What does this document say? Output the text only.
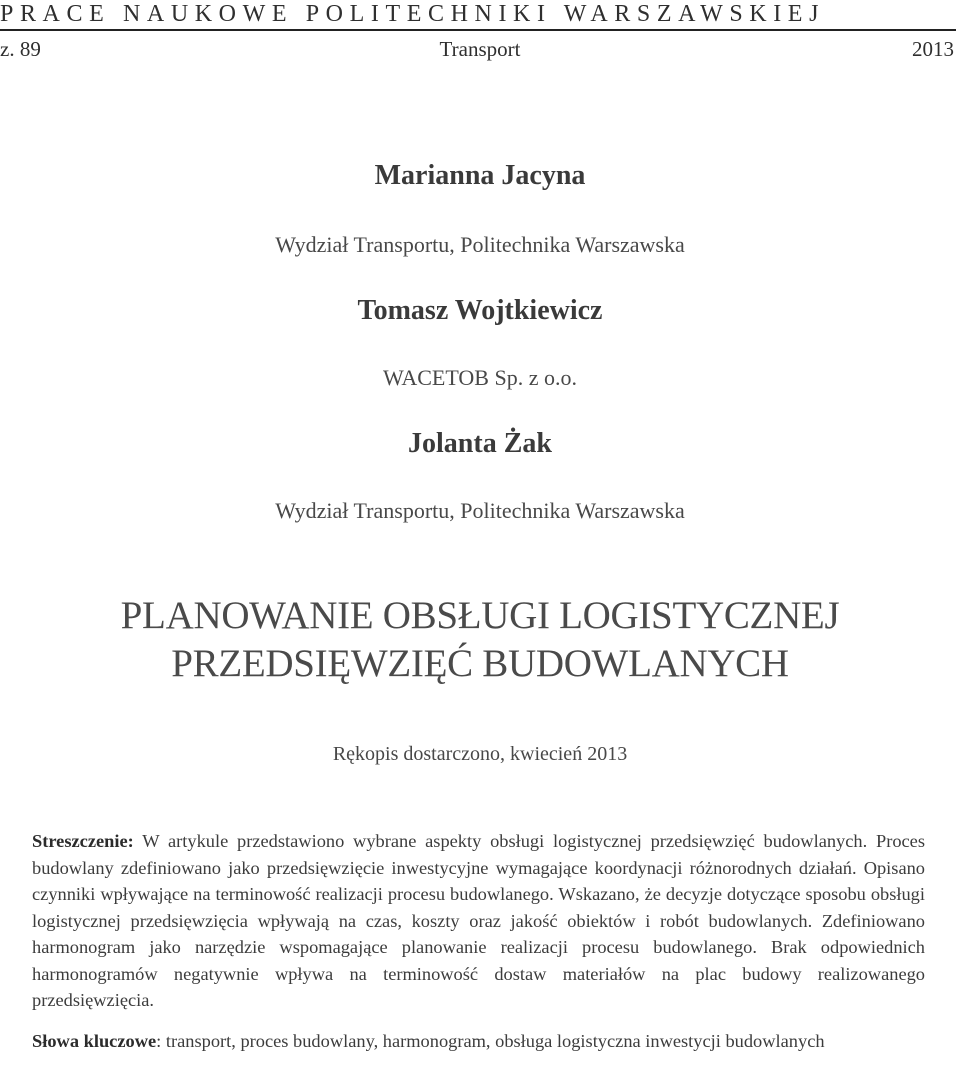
PRACE NAUKOWE POLITECHNIKI WARSZAWSKIEJ
Transport
z. 89	2013
Marianna Jacyna
Wydział Transportu, Politechnika Warszawska
Tomasz Wojtkiewicz
WACETOB Sp. z o.o.
Jolanta Żak
Wydział Transportu, Politechnika Warszawska
PLANOWANIE OBSŁUGI LOGISTYCZNEJ
PRZEDSIĘWZIĘĆ BUDOWLANYCH
Rękopis dostarczono, kwiecień 2013
Streszczenie: W artykule przedstawiono wybrane aspekty obsługi logistycznej przedsięwzięć budowlanych. Proces budowlany zdefiniowano jako przedsięwzięcie inwestycyjne wymagające koordynacji różnorodnych działań. Opisano czynniki wpływające na terminowość realizacji procesu budowlanego. Wskazano, że decyzje dotyczące sposobu obsługi logistycznej przedsięwzięcia wpływają na czas, koszty oraz jakość obiektów i robót budowlanych. Zdefiniowano harmonogram jako narzędzie wspomagające planowanie realizacji procesu budowlanego. Brak odpowiednich harmonogramów negatywnie wpływa na terminowość dostaw materiałów na plac budowy realizowanego przedsięwzięcia.
Słowa kluczowe: transport, proces budowlany, harmonogram, obsługa logistyczna inwestycji budowlanych
